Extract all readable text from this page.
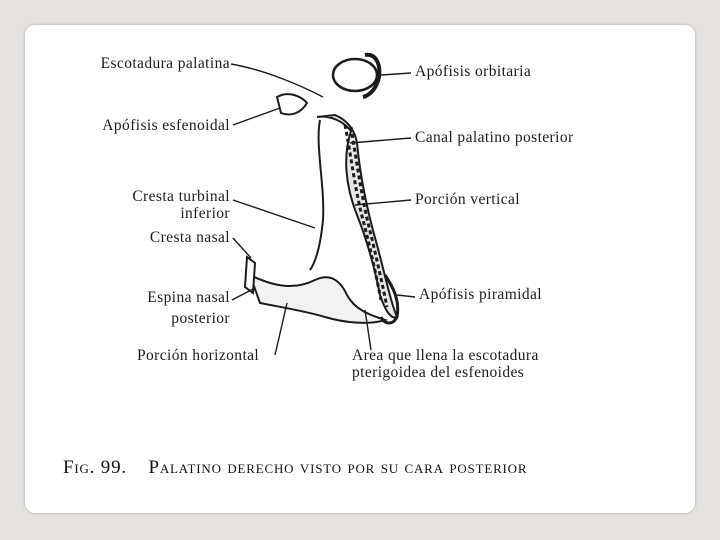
Escotadura palatina
Apófisis esfenoidal
Cresta turbinal
inferior
Cresta nasal
Espina nasal
posterior
Porción horizontal
Apófisis orbitaria
Canal palatino posterior
Porción vertical
Apófisis piramidal
Area que llena la escotadura
pterigoidea del esfenoides
Fig. 99. Palatino derecho visto por su cara posterior
